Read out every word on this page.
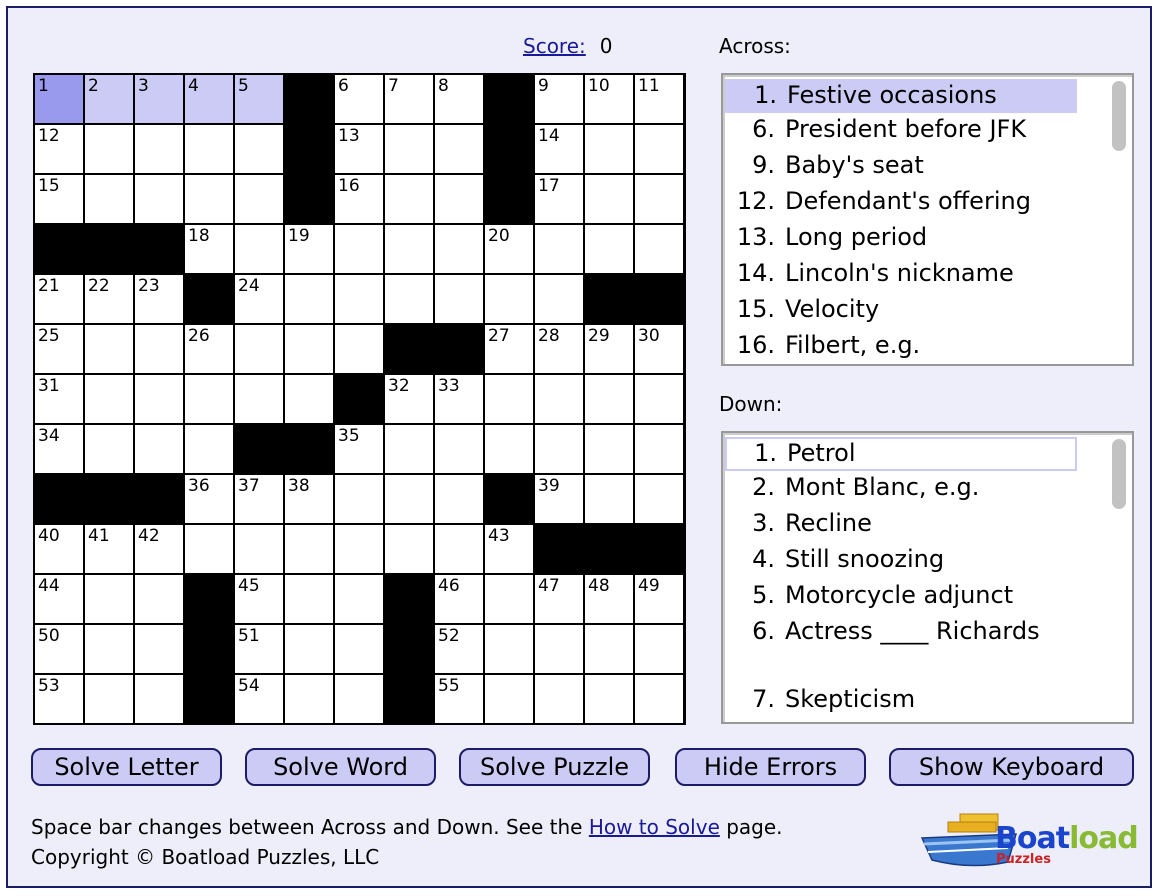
Score: 0
1 2 3 4 5	6 7 8	9 10 11
12	13	14
15	16	17
18	19	20
21 22 23	24
25	26	27 28 29 30
31	32 33
34	35
36 37 38	39
40 41 42	43
44	45	46	47 48 49
50	51	52
53	54	55
Across:
1. Festive occasions
6. President before JFK
9. Baby's seat
12. Defendant's offering
13. Long period
14. Lincoln's nickname
15. Velocity
16. Filbert, e.g.
Down:
1. Petrol
2. Mont Blanc, e.g.
3. Recline
4. Still snoozing
5. Motorcycle adjunct
6. Actress ____ Richards
7. Skepticism
Solve Letter	Solve Word	Solve Puzzle	Hide Errors	Show Keyboard
Space bar changes between Across and Down. See the How to Solve page.
Copyright © Boatload Puzzles, LLC
Boatload
Puzzles
